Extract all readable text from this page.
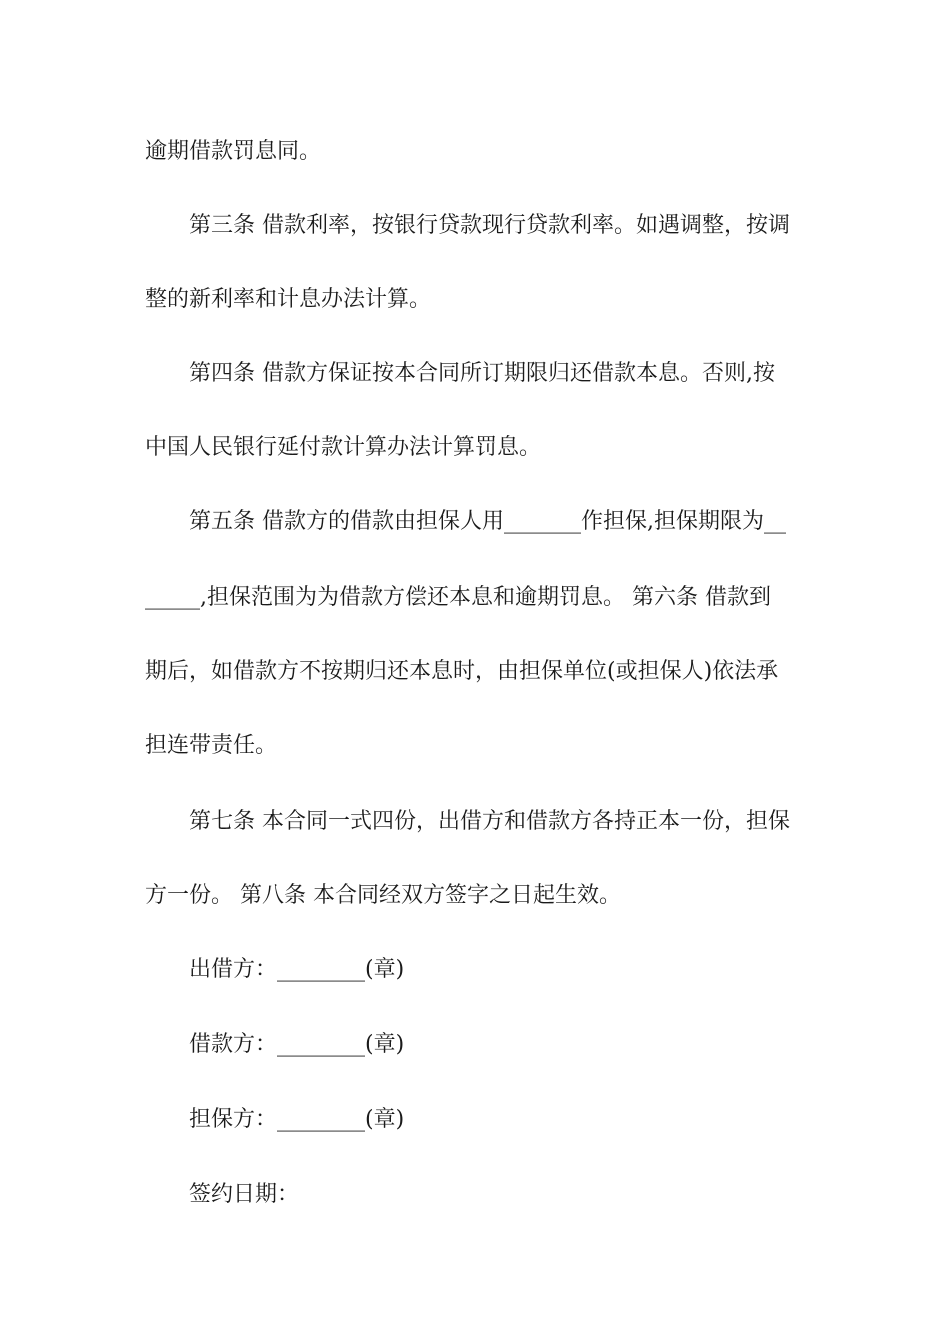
逾期借款罚息同。
第三条 借款利率，按银行贷款现行贷款利率。如遇调整，按调
整的新利率和计息办法计算。
第四条 借款方保证按本合同所订期限归还借款本息。否则,按
中国人民银行延付款计算办法计算罚息。
第五条 借款方的借款由担保人用_______作担保,担保期限为__
_____,担保范围为为借款方偿还本息和逾期罚息。 第六条 借款到
期后，如借款方不按期归还本息时，由担保单位(或担保人)依法承
担连带责任。
第七条 本合同一式四份，出借方和借款方各持正本一份，担保
方一份。 第八条 本合同经双方签字之日起生效。
出借方：________(章)
借款方：________(章)
担保方：________(章)
签约日期：
